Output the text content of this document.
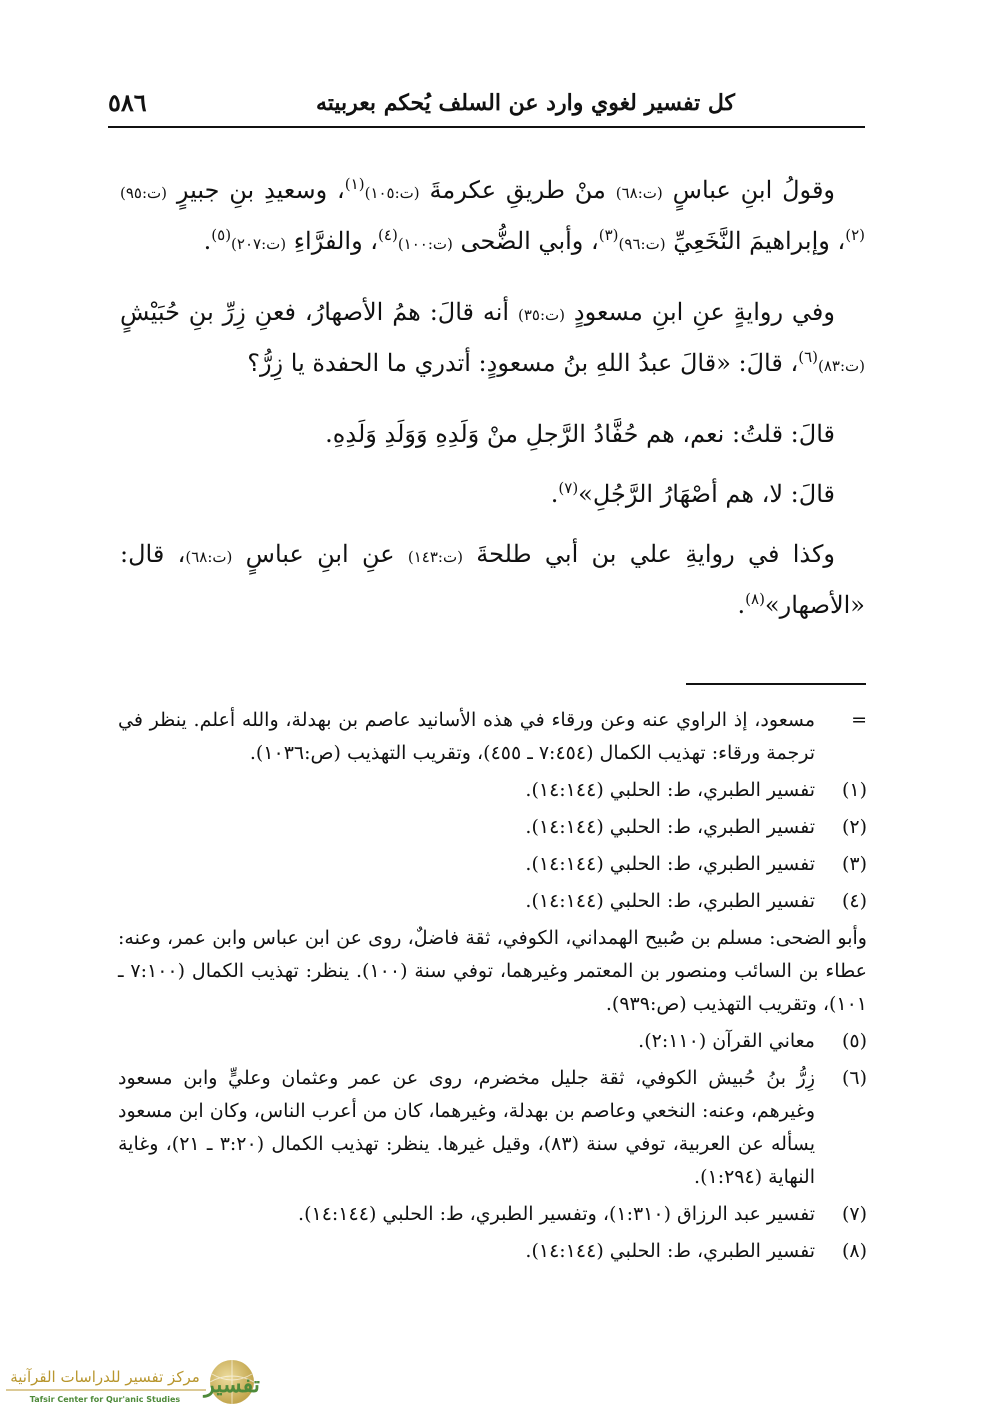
كل تفسير لغوي وارد عن السلف يُحكم بعربيته
٥٨٦

وقولُ ابنِ عباسٍ (ت:٦٨) منْ طريقِ عكرمةَ (ت:١٠٥)$^{(١)}$، وسعيدِ بنِ جبيرٍ (ت:٩٥)$^{(٢)}$، وإبراهيمَ النَّخَعِيِّ (ت:٩٦)$^{(٣)}$، وأبي الضُّحى (ت:١٠٠)$^{(٤)}$، والفرَّاءِ (ت:٢٠٧)$^{(٥)}$.

وفي روايةٍ عنِ ابنِ مسعودٍ (ت:٣٥) أنه قالَ: همُ الأصهارُ، فعنِ زِرِّ بنِ حُبَيْشٍ (ت:٨٣)$^{(٦)}$، قالَ: «قالَ عبدُ اللهِ بنُ مسعودٍ: أتدري ما الحفدة يا زِرُّ؟

قالَ: قلتُ: نعم، هم حُفَّادُ الرَّجلِ منْ وَلَدِهِ وَوَلَدِ وَلَدِهِ.

قالَ: لا، هم أصْهَارُ الرَّجُلِ»$^{(٧)}$.

وكذا في روايةِ علي بن أبي طلحةَ (ت:١٤٣) عنِ ابنِ عباسٍ (ت:٦٨)، قال: «الأصهار»$^{(٨)}$.

=
مسعود، إذ الراوي عنه وعن ورقاء في هذه الأسانيد عاصم بن بهدلة، والله أعلم. ينظر في ترجمة ورقاء: تهذيب الكمال (٧:٤٥٤ ـ ٤٥٥)، وتقريب التهذيب (ص:١٠٣٦).
(١)
تفسير الطبري، ط: الحلبي (١٤:١٤٤).
(٢)
تفسير الطبري، ط: الحلبي (١٤:١٤٤).
(٣)
تفسير الطبري، ط: الحلبي (١٤:١٤٤).
(٤)
تفسير الطبري، ط: الحلبي (١٤:١٤٤).
وأبو الضحى: مسلم بن صُبيح الهمداني، الكوفي، ثقة فاضلٌ، روى عن ابن عباس وابن عمر، وعنه: عطاء بن السائب ومنصور بن المعتمر وغيرهما، توفي سنة (١٠٠). ينظر: تهذيب الكمال (٧:١٠٠ ـ ١٠١)، وتقريب التهذيب (ص:٩٣٩).
(٥)
معاني القرآن (٢:١١٠).
(٦)
زِرُّ بنُ حُبيش الكوفي، ثقة جليل مخضرم، روى عن عمر وعثمان وعليٍّ وابن مسعود وغيرهم، وعنه: النخعي وعاصم بن بهدلة، وغيرهما، كان من أعرب الناس، وكان ابن مسعود يسأله عن العربية، توفي سنة (٨٣)، وقيل غيرها. ينظر: تهذيب الكمال (٣:٢٠ ـ ٢١)، وغاية النهاية (١:٢٩٤).
(٧)
تفسير عبد الرزاق (١:٣١٠)، وتفسير الطبري، ط: الحلبي (١٤:١٤٤).
(٨)
تفسير الطبري، ط: الحلبي (١٤:١٤٤).
تفسير
مركز تفسير للدراسات القرآنية
Tafsir Center for Qur'anic Studies
